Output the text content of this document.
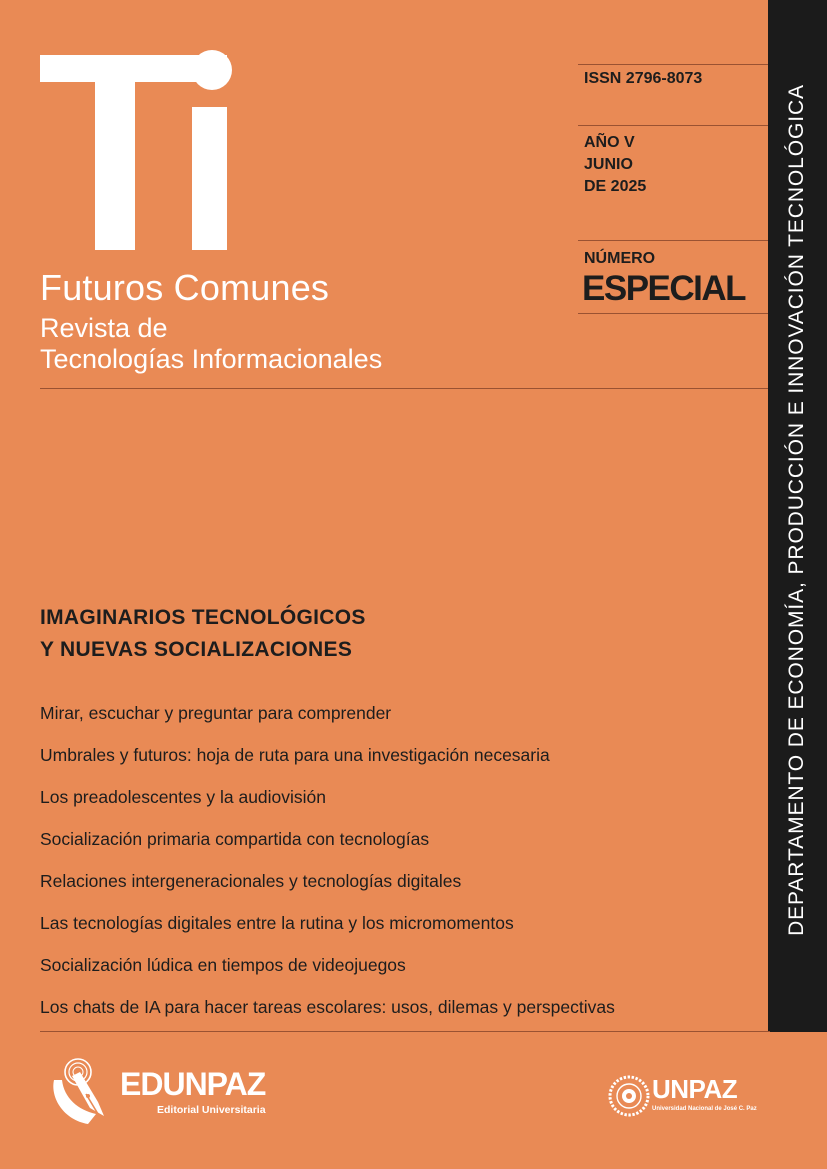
Futuros Comunes
Revista de
Tecnologías Informacionales
ISSN 2796-8073
AÑO V
JUNIO
DE 2025
NÚMERO
ESPECIAL DEPARTAMENTO DE ECONOMÍA, PRODUCCIÓN E INNOVACIÓN TECNOLÓGICA
IMAGINARIOS TECNOLÓGICOS
Y NUEVAS SOCIALIZACIONES
Mirar, escuchar y preguntar para comprender
Umbrales y futuros: hoja de ruta para una investigación necesaria
Los preadolescentes y la audiovisión
Socialización primaria compartida con tecnologías
Relaciones intergeneracionales y tecnologías digitales
Las tecnologías digitales entre la rutina y los micromomentos
Socialización lúdica en tiempos de videojuegos
Los chats de IA para hacer tareas escolares: usos, dilemas y perspectivas
EDUNPAZ
Editorial Universitaria
UNPAZ
Universidad Nacional de José C. Paz
